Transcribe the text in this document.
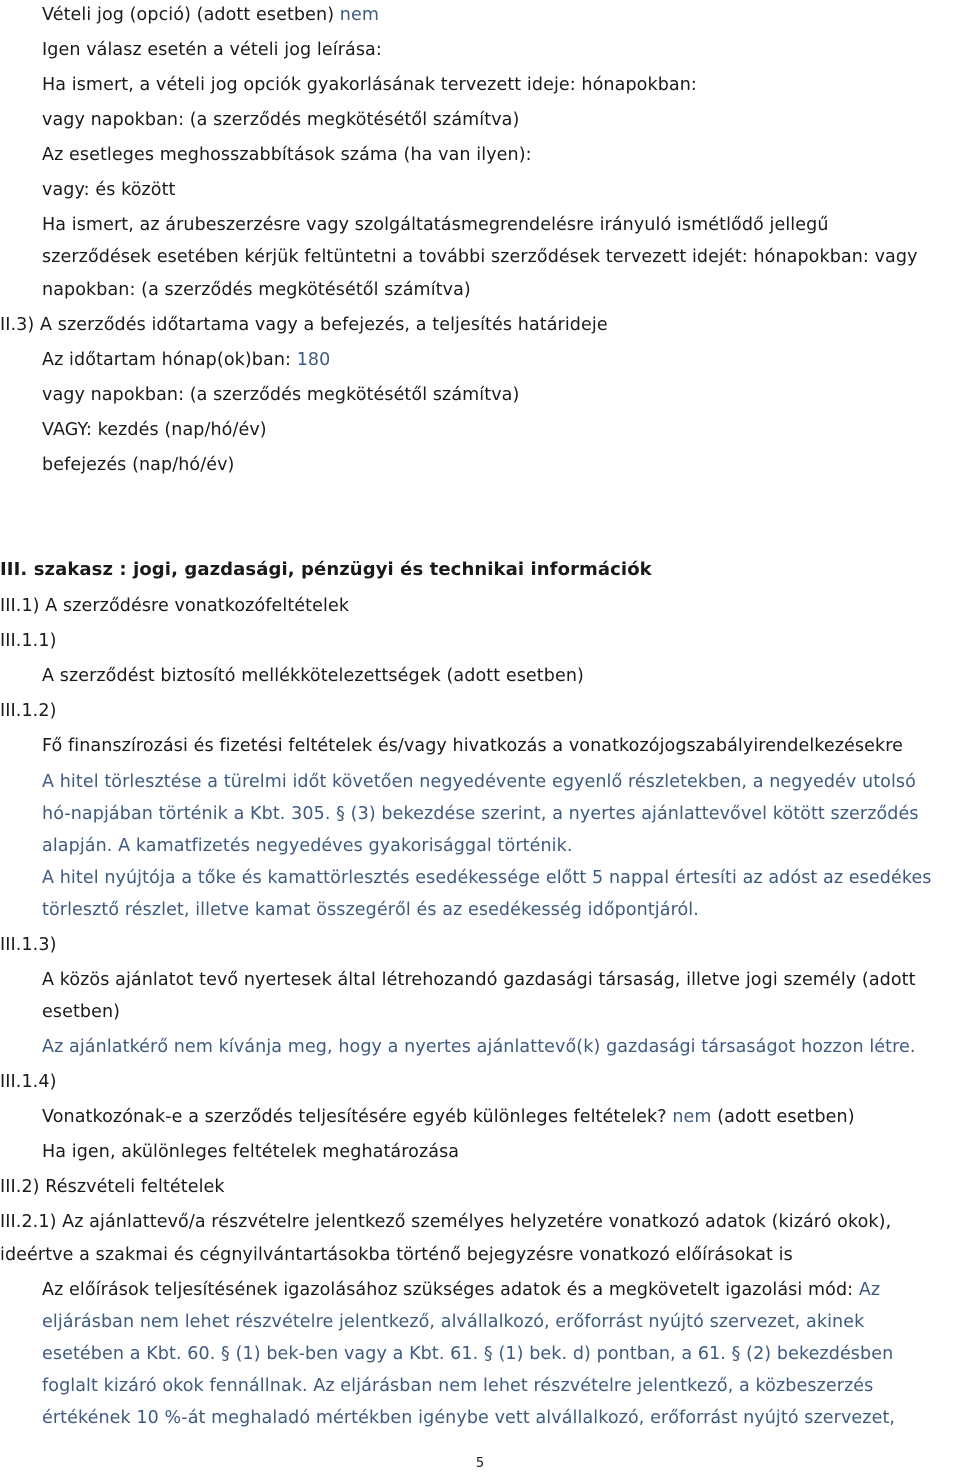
Vételi jog (opció) (adott esetben) nem
Igen válasz esetén a vételi jog leírása:
Ha ismert, a vételi jog opciók gyakorlásának tervezett ideje: hónapokban:
vagy napokban: (a szerződés megkötésétől számítva)
Az esetleges meghosszabbítások száma (ha van ilyen):
vagy: és között
Ha ismert, az árubeszerzésre vagy szolgáltatásmegrendelésre irányuló ismétlődő jellegű
szerződések esetében kérjük feltüntetni a további szerződések tervezett idejét: hónapokban: vagy
napokban: (a szerződés megkötésétől számítva)
II.3) A szerződés időtartama vagy a befejezés, a teljesítés határideje
Az időtartam hónap(ok)ban: 180
vagy napokban: (a szerződés megkötésétől számítva)
VAGY: kezdés (nap/hó/év)
befejezés (nap/hó/év)
III. szakasz : jogi, gazdasági, pénzügyi és technikai információk
III.1) A szerződésre vonatkozófeltételek
III.1.1)
A szerződést biztosító mellékkötelezettségek (adott esetben)
III.1.2)
Fő finanszírozási és fizetési feltételek és/vagy hivatkozás a vonatkozójogszabályirendelkezésekre
A hitel törlesztése a türelmi időt követően negyedévente egyenlő részletekben, a negyedév utolsó
hó-napjában történik a Kbt. 305. § (3) bekezdése szerint, a nyertes ajánlattevővel kötött szerződés
alapján. A kamatfizetés negyedéves gyakorisággal történik.
A hitel nyújtója a tőke és kamattörlesztés esedékessége előtt 5 nappal értesíti az adóst az esedékes
törlesztő részlet, illetve kamat összegéről és az esedékesség időpontjáról.
III.1.3)
A közös ajánlatot tevő nyertesek által létrehozandó gazdasági társaság, illetve jogi személy (adott
esetben)
Az ajánlatkérő nem kívánja meg, hogy a nyertes ajánlattevő(k) gazdasági társaságot hozzon létre.
III.1.4)
Vonatkozónak-e a szerződés teljesítésére egyéb különleges feltételek? nem (adott esetben)
Ha igen, akülönleges feltételek meghatározása
III.2) Részvételi feltételek
III.2.1) Az ajánlattevő/a részvételre jelentkező személyes helyzetére vonatkozó adatok (kizáró okok),
ideértve a szakmai és cégnyilvántartásokba történő bejegyzésre vonatkozó előírásokat is
Az előírások teljesítésének igazolásához szükséges adatok és a megkövetelt igazolási mód: Az
eljárásban nem lehet részvételre jelentkező, alvállalkozó, erőforrást nyújtó szervezet, akinek
esetében a Kbt. 60. § (1) bek-ben vagy a Kbt. 61. § (1) bek. d) pontban, a 61. § (2) bekezdésben
foglalt kizáró okok fennállnak. Az eljárásban nem lehet részvételre jelentkező, a közbeszerzés
értékének 10 %-át meghaladó mértékben igénybe vett alvállalkozó, erőforrást nyújtó szervezet,
5
